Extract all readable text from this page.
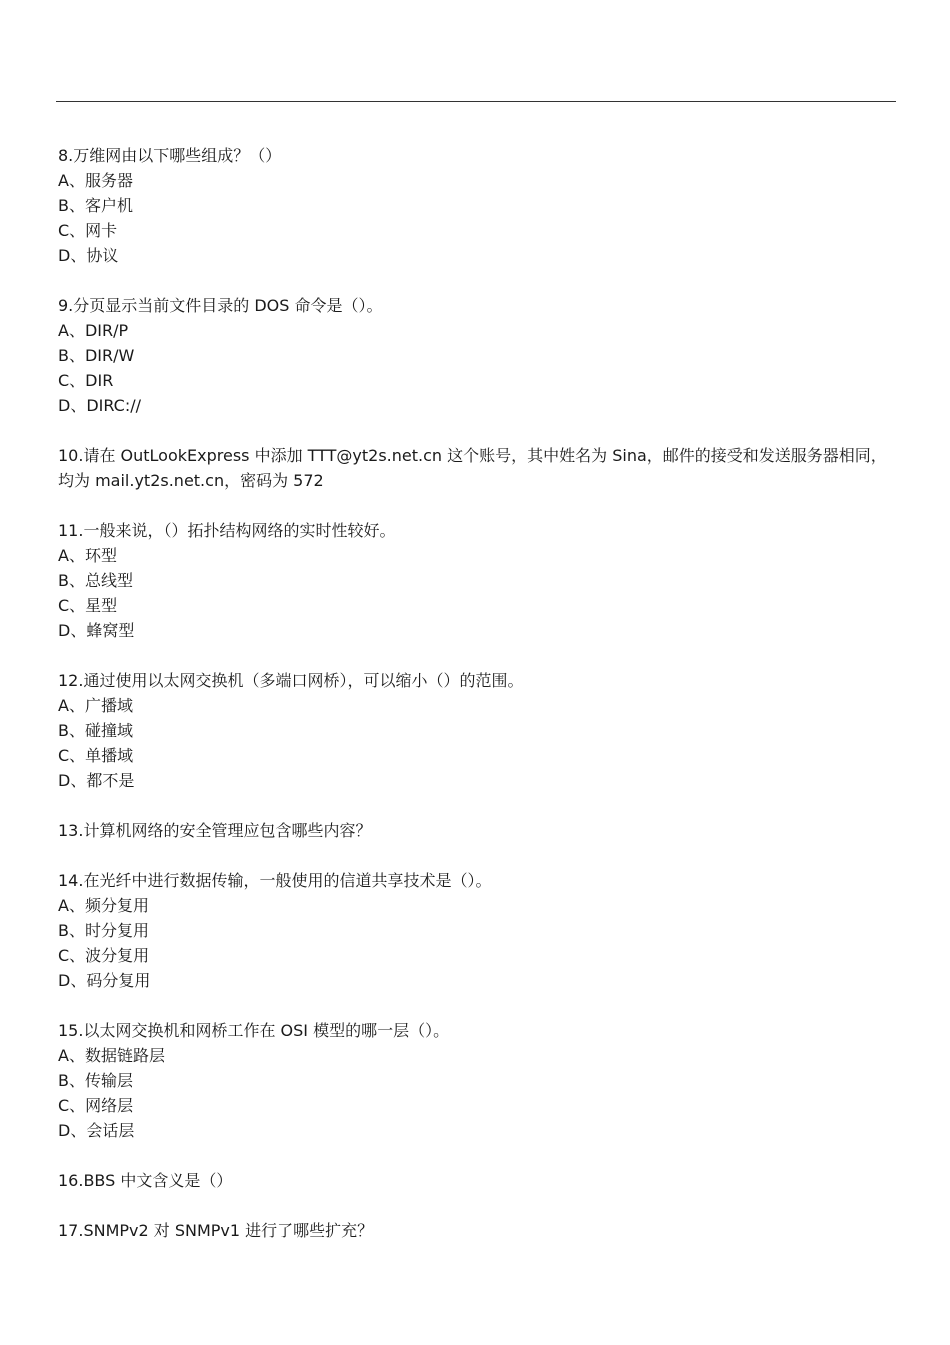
8.万维网由以下哪些组成？（）
A、服务器
B、客户机
C、网卡
D、协议
9.分页显示当前文件目录的 DOS 命令是（）。
A、DIR/P
B、DIR/W
C、DIR
D、DIRC://
10.请在 OutLookExpress 中添加 TTT@yt2s.net.cn 这个账号，其中姓名为 Sina，邮件的接受和发送服务器相同，均为 mail.yt2s.net.cn，密码为 572
11.一般来说，（）拓扑结构网络的实时性较好。
A、环型
B、总线型
C、星型
D、蜂窝型
12.通过使用以太网交换机（多端口网桥），可以缩小（）的范围。
A、广播域
B、碰撞域
C、单播域
D、都不是
13.计算机网络的安全管理应包含哪些内容？
14.在光纤中进行数据传输，一般使用的信道共享技术是（）。
A、频分复用
B、时分复用
C、波分复用
D、码分复用
15.以太网交换机和网桥工作在 OSI 模型的哪一层（）。
A、数据链路层
B、传输层
C、网络层
D、会话层
16.BBS 中文含义是（）
17.SNMPv2 对 SNMPv1 进行了哪些扩充？
